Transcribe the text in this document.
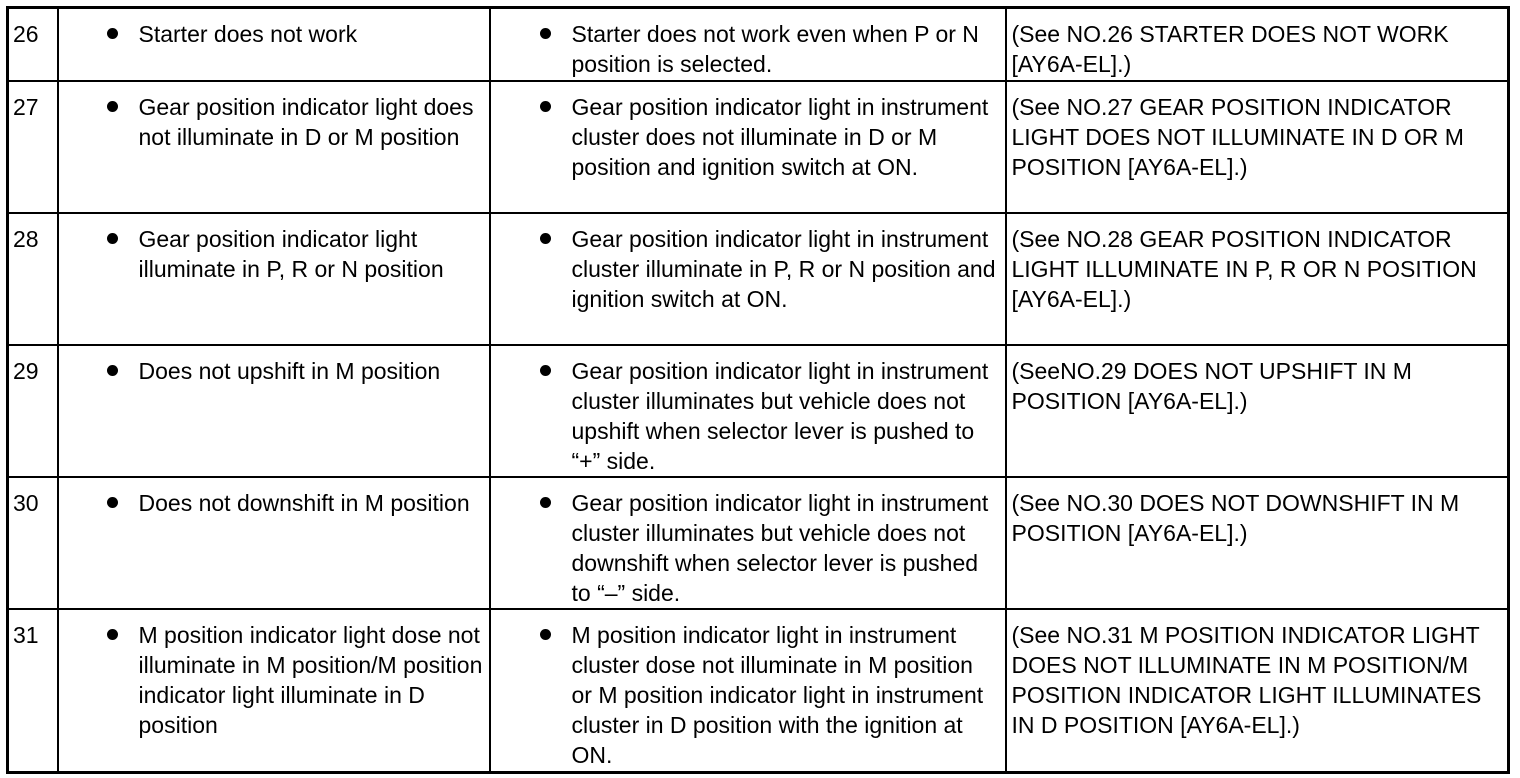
26	Starter does not work	Starter does not work even when P or N position is selected.	(See NO.26 STARTER DOES NOT WORK [AY6A-EL].)
27	Gear position indicator light does not illuminate in D or M position	Gear position indicator light in instrument cluster does not illuminate in D or M position and ignition switch at ON.	(See NO.27 GEAR POSITION INDICATOR LIGHT DOES NOT ILLUMINATE IN D OR M POSITION [AY6A-EL].)
28	Gear position indicator light illuminate in P, R or N position	Gear position indicator light in instrument cluster illuminate in P, R or N position and ignition switch at ON.	(See NO.28 GEAR POSITION INDICATOR LIGHT ILLUMINATE IN P, R OR N POSITION [AY6A-EL].)
29	Does not upshift in M position	Gear position indicator light in instrument cluster illuminates but vehicle does not upshift when selector lever is pushed to “+” side.	(SeeNO.29 DOES NOT UPSHIFT IN M POSITION [AY6A-EL].)
30	Does not downshift in M position	Gear position indicator light in instrument cluster illuminates but vehicle does not downshift when selector lever is pushed to “–” side.	(See NO.30 DOES NOT DOWNSHIFT IN M POSITION [AY6A-EL].)
31	M position indicator light dose not illuminate in M position/M position indicator light illuminate in D position	M position indicator light in instrument cluster dose not illuminate in M position or M position indicator light in instrument cluster in D position with the ignition at ON.	(See NO.31 M POSITION INDICATOR LIGHT DOES NOT ILLUMINATE IN M POSITION/M POSITION INDICATOR LIGHT ILLUMINATES IN D POSITION [AY6A-EL].)
